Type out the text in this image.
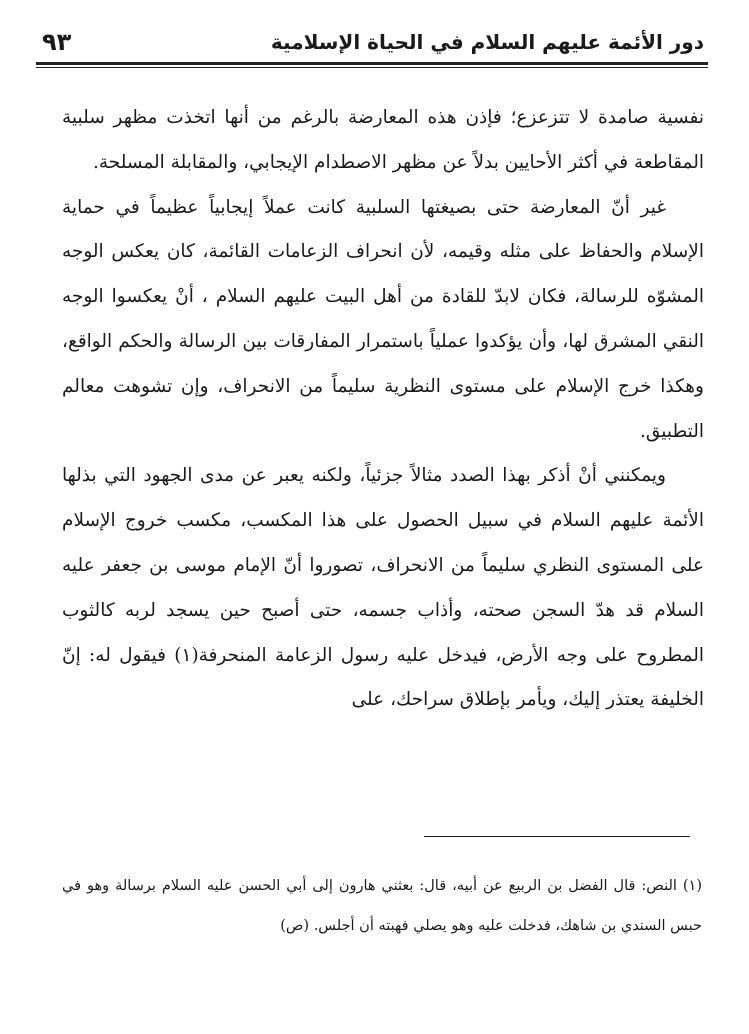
٩٣	دور الأئمة عليهم السلام في الحياة الإسلامية

نفسية صامدة لا تتزعزع؛ فإذن هذه المعارضة بالرغم من أنها اتخذت مظهر سلبية المقاطعة في أكثر الأحايين بدلاً عن مظهر الاصطدام الإيجابي، والمقابلة المسلحة.

غير أنّ المعارضة حتى بصيغتها السلبية كانت عملاً إيجابياً عظيماً في حماية الإسلام والحفاظ على مثله وقيمه، لأن انحراف الزعامات القائمة، كان يعكس الوجه المشوّه للرسالة، فكان لابدّ للقادة من أهل البيت عليهم السلام ، أنْ يعكسوا الوجه النقي المشرق لها، وأن يؤكدوا عملياً باستمرار المفارقات بين الرسالة والحكم الواقع، وهكذا خرج الإسلام على مستوى النظرية سليماً من الانحراف، وإن تشوهت معالم التطبيق.

ويمكنني أنْ أذكر بهذا الصدد مثالاً جزئياً، ولكنه يعبر عن مدى الجهود التي بذلها الأئمة عليهم السلام في سبيل الحصول على هذا المكسب، مكسب خروج الإسلام على المستوى النظري سليماً من الانحراف، تصوروا أنّ الإمام موسى بن جعفر عليه السلام قد هدّ السجن صحته، وأذاب جسمه، حتى أصبح حين يسجد لربه كالثوب المطروح على وجه الأرض، فيدخل عليه رسول الزعامة المنحرفة(١) فيقول له: إنّ الخليفة يعتذر إليك، ويأمر بإطلاق سراحك، على

(١) النص: قال الفضل بن الربيع عن أبيه، قال: بعثني هارون إلى أبي الحسن عليه السلام برسالة وهو في حبس السندي بن شاهك، فدخلت عليه وهو يصلي فهبته أن أجلس. (ص)
